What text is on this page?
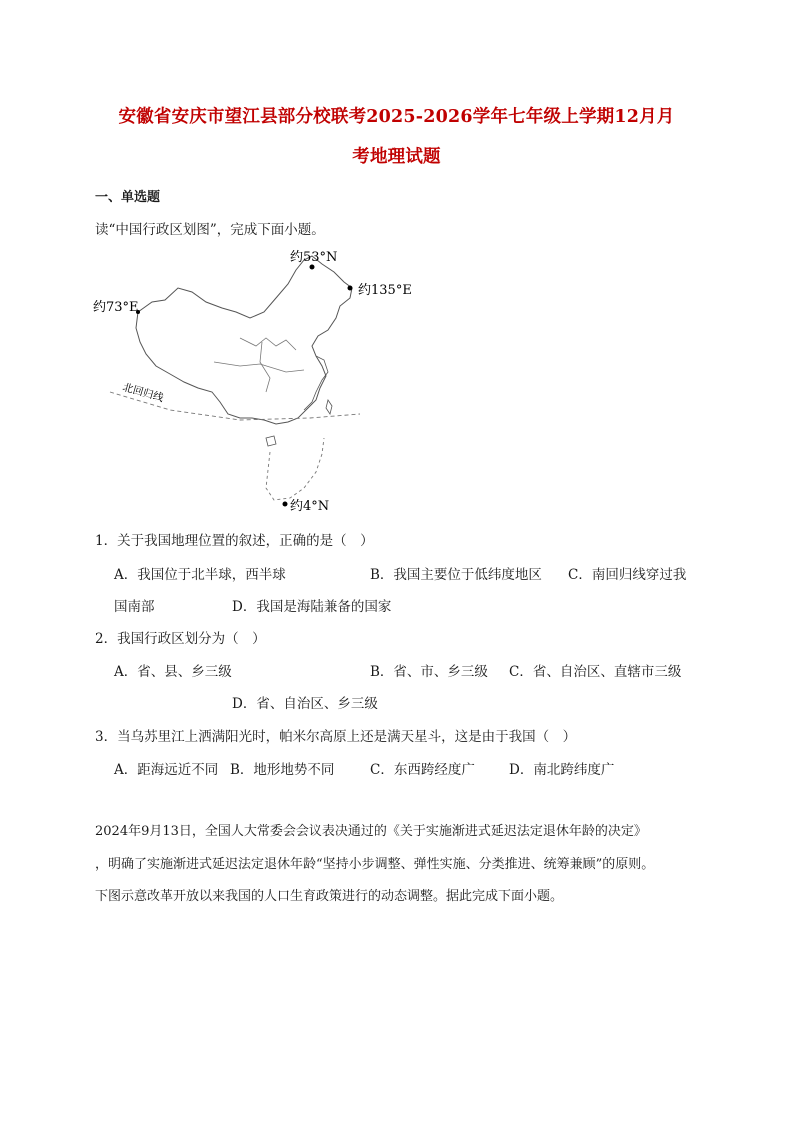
安徽省安庆市望江县部分校联考2025-2026学年七年级上学期12月月
考地理试题
一、单选题
读“中国行政区划图”，完成下面小题。
约53°N
约135°E
约73°E
约4°N
北回归线
1．关于我国地理位置的叙述，正确的是（　）
A．我国位于北半球，西半球	B．我国主要位于低纬度地区 C．南回归线穿过我
国南部	D．我国是海陆兼备的国家
2．我国行政区划分为（　）
A．省、县、乡三级	B．省、市、乡三级 C．省、自治区、直辖市三级
D．省、自治区、乡三级
3．当乌苏里江上洒满阳光时，帕米尔高原上还是满天星斗，这是由于我国（　）
A．距海远近不同 B．地形地势不同	C．东西跨经度广	D．南北跨纬度广
2024年9月13日，全国人大常委会会议表决通过的《关于实施渐进式延迟法定退休年龄的决定》
，明确了实施渐进式延迟法定退休年龄“坚持小步调整、弹性实施、分类推进、统筹兼顾”的原则。
下图示意改革开放以来我国的人口生育政策进行的动态调整。据此完成下面小题。
